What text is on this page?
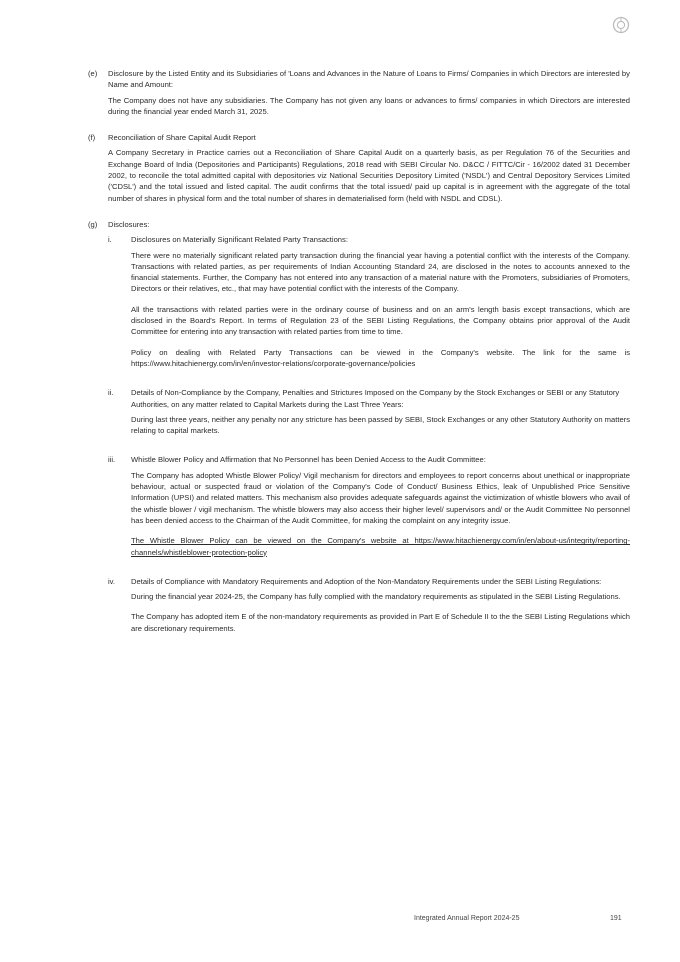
(e) Disclosure by the Listed Entity and its Subsidiaries of 'Loans and Advances in the Nature of Loans to Firms/ Companies in which Directors are interested by Name and Amount:

The Company does not have any subsidiaries. The Company has not given any loans or advances to firms/ companies in which Directors are interested during the financial year ended March 31, 2025.

(f) Reconciliation of Share Capital Audit Report

A Company Secretary in Practice carries out a Reconciliation of Share Capital Audit on a quarterly basis, as per Regulation 76 of the Securities and Exchange Board of India (Depositories and Participants) Regulations, 2018 read with SEBI Circular No. D&CC / FITTC/Cir - 16/2002 dated 31 December 2002, to reconcile the total admitted capital with depositories viz National Securities Depository Limited ('NSDL') and Central Depository Services Limited ('CDSL') and the total issued and listed capital. The audit confirms that the total issued/ paid up capital is in agreement with the aggregate of the total number of shares in physical form and the total number of shares in dematerialised form (held with NSDL and CDSL).

(g) Disclosures:
i.	Disclosures on Materially Significant Related Party Transactions:

There were no materially significant related party transaction during the financial year having a potential conflict with the interests of the Company. Transactions with related parties, as per requirements of Indian Accounting Standard 24, are disclosed in the notes to accounts annexed to the financial statements. Further, the Company has not entered into any transaction of a material nature with the Promoters, subsidiaries of Promoters, Directors or their relatives, etc., that may have potential conflict with the interests of the Company.

All the transactions with related parties were in the ordinary course of business and on an arm's length basis except transactions, which are disclosed in the Board's Report. In terms of Regulation 23 of the SEBI Listing Regulations, the Company obtains prior approval of the Audit Committee for entering into any transaction with related parties from time to time.

Policy on dealing with Related Party Transactions can be viewed in the Company's website. The link for the same is https://www.hitachienergy.com/in/en/investor-relations/corporate-governance/policies

ii. Details of Non-Compliance by the Company, Penalties and Strictures Imposed on the Company by the Stock Exchanges or SEBI or any Statutory Authorities, on any matter related to Capital Markets during the Last Three Years:

During last three years, neither any penalty nor any stricture has been passed by SEBI, Stock Exchanges or any other Statutory Authority on matters relating to capital markets.

iii. Whistle Blower Policy and Affirmation that No Personnel has been Denied Access to the Audit Committee:

The Company has adopted Whistle Blower Policy/ Vigil mechanism for directors and employees to report concerns about unethical or inappropriate behaviour, actual or suspected fraud or violation of the Company's Code of Conduct/ Business Ethics, leak of Unpublished Price Sensitive Information (UPSI) and related matters. This mechanism also provides adequate safeguards against the victimization of whistle blowers who avail of the whistle blower / vigil mechanism. The whistle blowers may also access their higher level/ supervisors and/ or the Audit Committee No personnel has been denied access to the Chairman of the Audit Committee, for making the complaint on any integrity issue.

The Whistle Blower Policy can be viewed on the Company's website at https://www.hitachienergy.com/in/en/about-us/integrity/reporting-channels/whistleblower-protection-policy

iv. Details of Compliance with Mandatory Requirements and Adoption of the Non-Mandatory Requirements under the SEBI Listing Regulations:

During the financial year 2024-25, the Company has fully complied with the mandatory requirements as stipulated in the SEBI Listing Regulations.

The Company has adopted item E of the non-mandatory requirements as provided in Part E of Schedule II to the the SEBI Listing Regulations which are discretionary requirements.

Integrated Annual Report 2024-25	191
